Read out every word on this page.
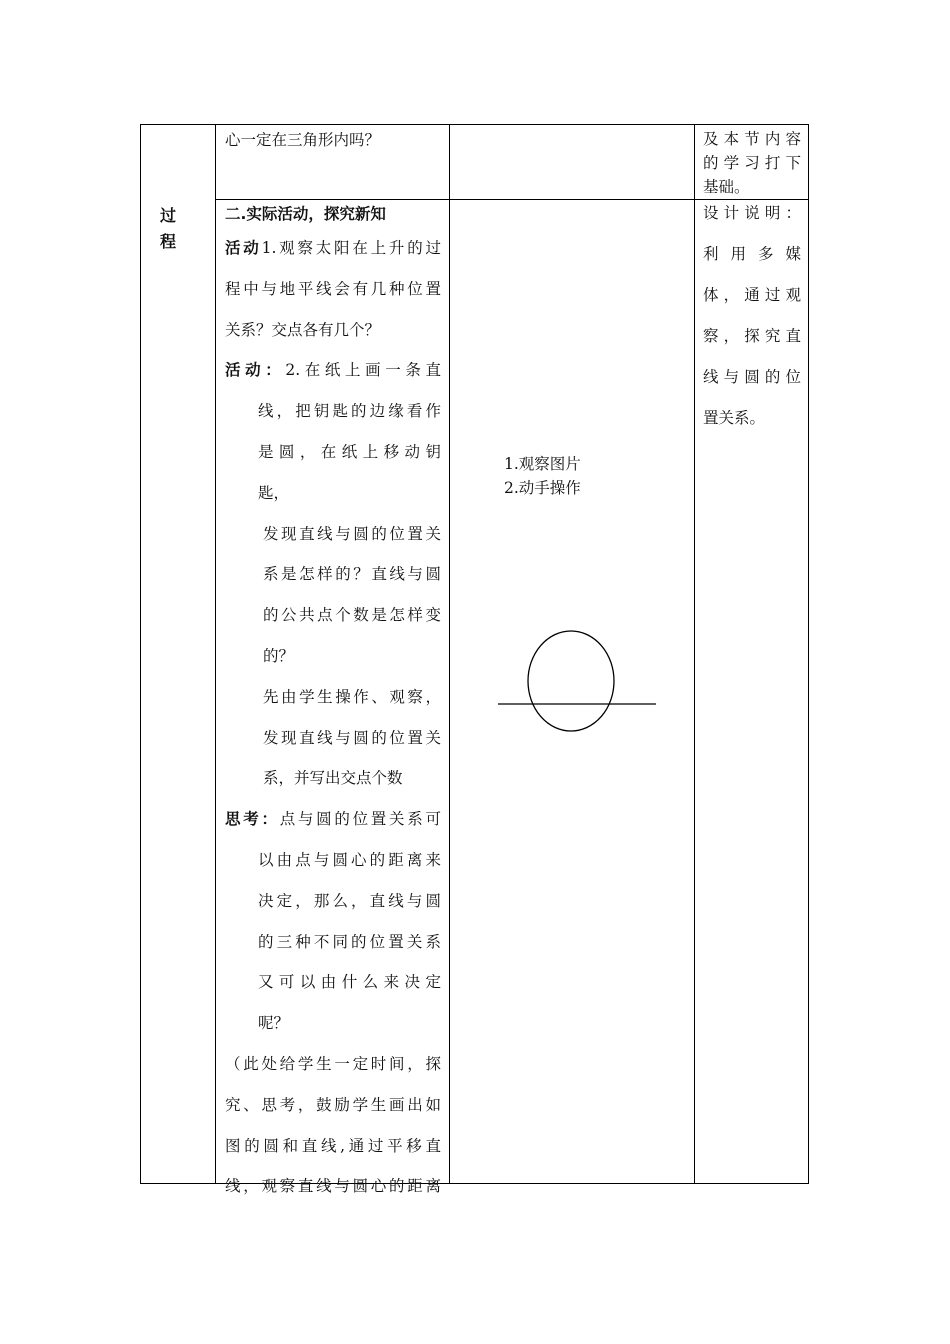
过
程
心一定在三角形内吗？	及本节内容
的学习打下
基础。

二.实际活动，探究新知

活动1.观察太阳在上升的过

程中与地平线会有几种位置

关系？交点各有几个？

活动：2.在纸上画一条直

线，把钥匙的边缘看作

是圆，在纸上移动钥

匙，

发现直线与圆的位置关

系是怎样的？直线与圆

的公共点个数是怎样变

的？

先由学生操作、观察，

发现直线与圆的位置关

系，并写出交点个数

思考：点与圆的位置关系可

以由点与圆心的距离来

决定，那么，直线与圆

的三种不同的位置关系

又可以由什么来决定

呢？

（此处给学生一定时间，探

究、思考，鼓励学生画出如

图的圆和直线,通过平移直

线，观察直线与圆心的距离

1.观察图片
2.动手操作

设计说明：

利用多媒

体，通过观

察，探究直

线与圆的位

置关系。
